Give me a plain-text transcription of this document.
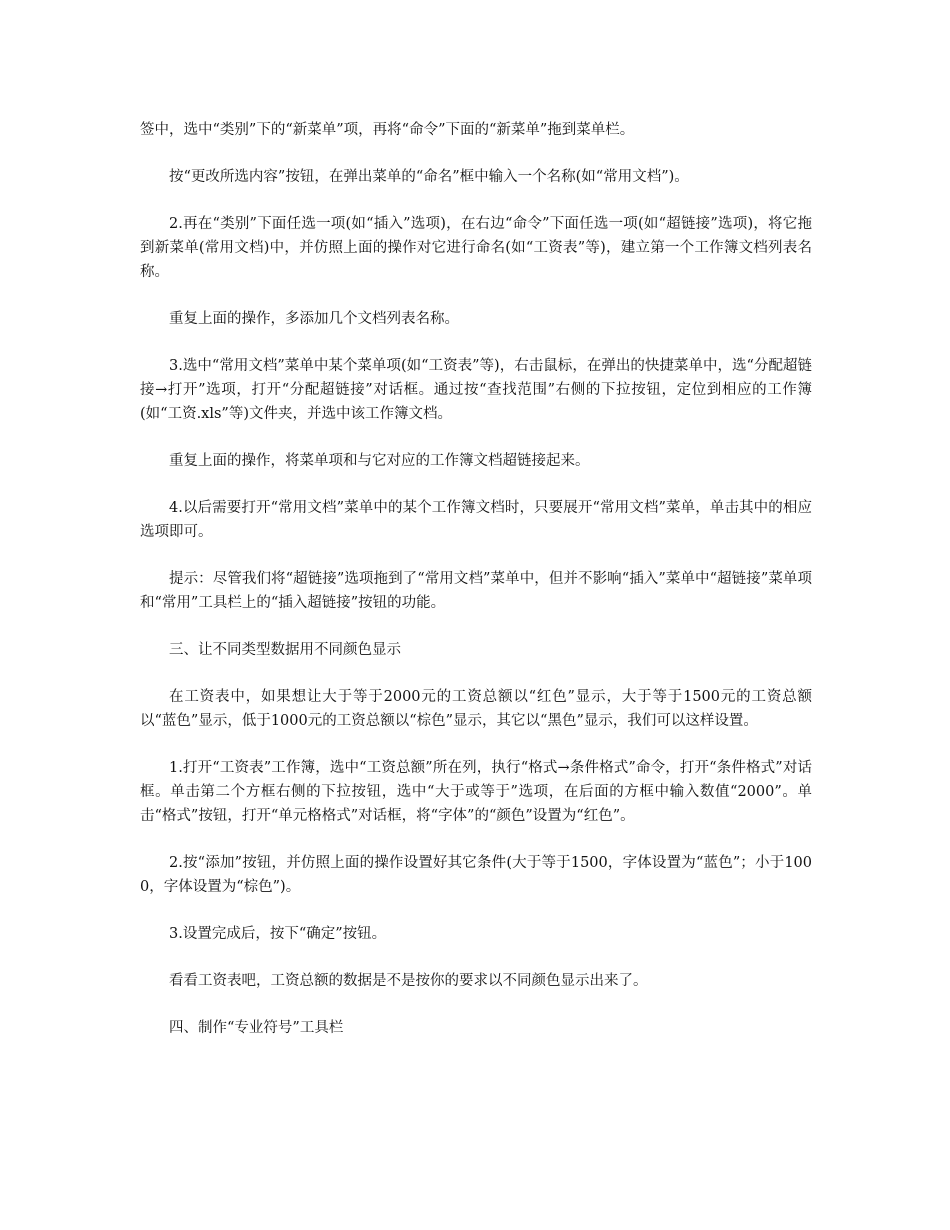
签中，选中“类别”下的“新菜单”项，再将“命令”下面的“新菜单”拖到菜单栏。

按“更改所选内容”按钮，在弹出菜单的“命名”框中输入一个名称(如“常用文档”)。

2.再在“类别”下面任选一项(如“插入”选项)，在右边“命令”下面任选一项(如“超链接”选项)，将它拖到新菜单(常用文档)中，并仿照上面的操作对它进行命名(如“工资表”等)，建立第一个工作簿文档列表名称。

重复上面的操作，多添加几个文档列表名称。

3.选中“常用文档”菜单中某个菜单项(如“工资表”等)，右击鼠标，在弹出的快捷菜单中，选“分配超链接→打开”选项，打开“分配超链接”对话框。通过按“查找范围”右侧的下拉按钮，定位到相应的工作簿(如“工资.xls”等)文件夹，并选中该工作簿文档。

重复上面的操作，将菜单项和与它对应的工作簿文档超链接起来。

4.以后需要打开“常用文档”菜单中的某个工作簿文档时，只要展开“常用文档”菜单，单击其中的相应选项即可。

提示：尽管我们将“超链接”选项拖到了“常用文档”菜单中，但并不影响“插入”菜单中“超链接”菜单项和“常用”工具栏上的“插入超链接”按钮的功能。

三、让不同类型数据用不同颜色显示

在工资表中，如果想让大于等于2000元的工资总额以“红色”显示，大于等于1500元的工资总额以“蓝色”显示，低于1000元的工资总额以“棕色”显示，其它以“黑色”显示，我们可以这样设置。

1.打开“工资表”工作簿，选中“工资总额”所在列，执行“格式→条件格式”命令，打开“条件格式”对话框。单击第二个方框右侧的下拉按钮，选中“大于或等于”选项，在后面的方框中输入数值“2000”。单击“格式”按钮，打开“单元格格式”对话框，将“字体”的“颜色”设置为“红色”。

2.按“添加”按钮，并仿照上面的操作设置好其它条件(大于等于1500，字体设置为“蓝色”；小于1000，字体设置为“棕色”)。

3.设置完成后，按下“确定”按钮。

看看工资表吧，工资总额的数据是不是按你的要求以不同颜色显示出来了。

四、制作“专业符号”工具栏
